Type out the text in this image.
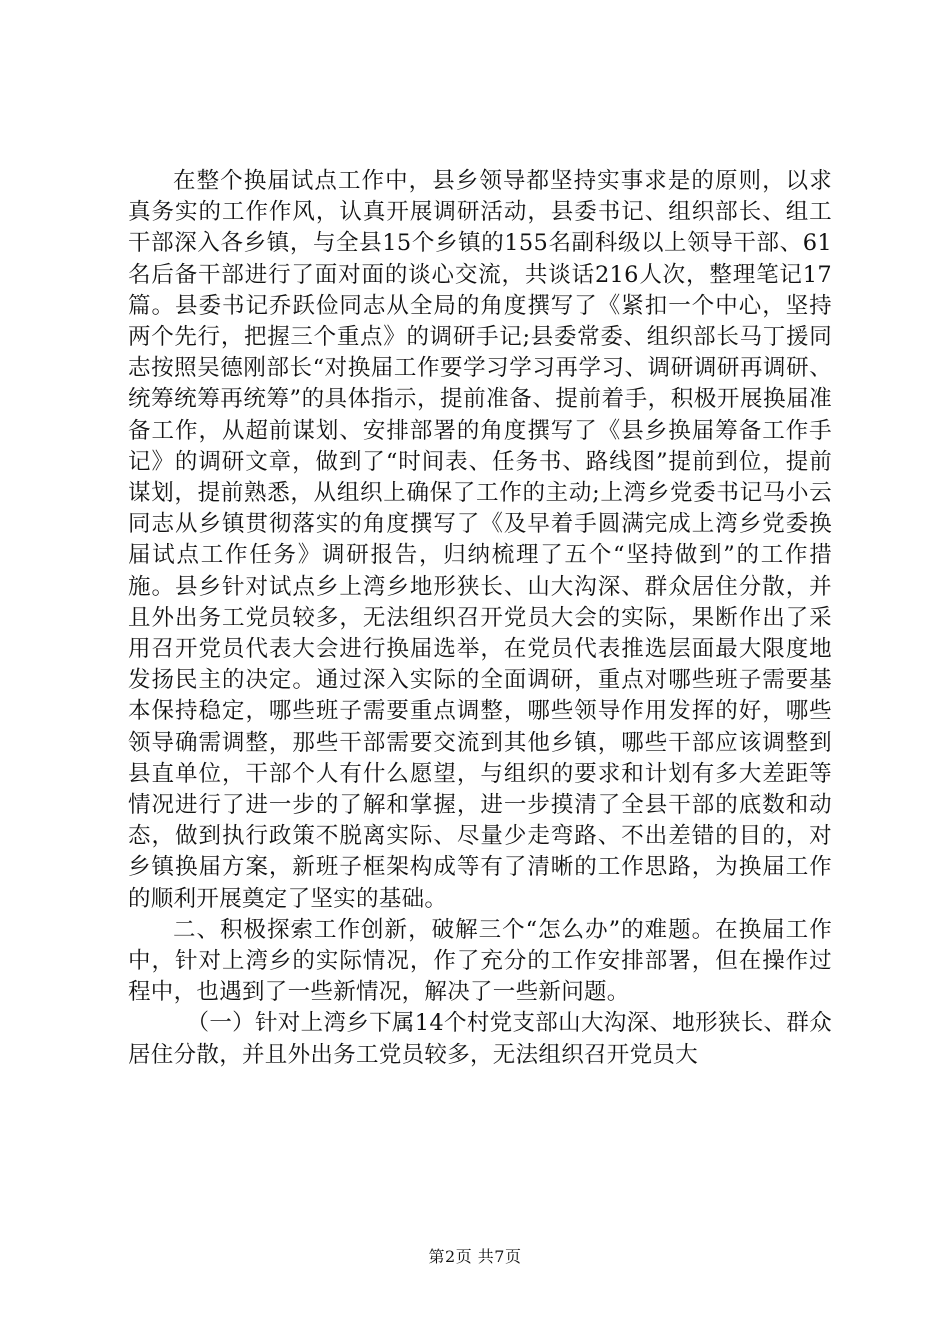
在整个换届试点工作中，县乡领导都坚持实事求是的原则，以求真务实的工作作风，认真开展调研活动，县委书记、组织部长、组工干部深入各乡镇，与全县15个乡镇的155名副科级以上领导干部、61名后备干部进行了面对面的谈心交流，共谈话216人次，整理笔记17篇。县委书记乔跃俭同志从全局的角度撰写了《紧扣一个中心，坚持两个先行，把握三个重点》的调研手记;县委常委、组织部长马丁援同志按照吴德刚部长“对换届工作要学习学习再学习、调研调研再调研、统筹统筹再统筹”的具体指示，提前准备、提前着手，积极开展换届准备工作，从超前谋划、安排部署的角度撰写了《县乡换届筹备工作手记》的调研文章，做到了“时间表、任务书、路线图”提前到位，提前谋划，提前熟悉，从组织上确保了工作的主动;上湾乡党委书记马小云同志从乡镇贯彻落实的角度撰写了《及早着手圆满完成上湾乡党委换届试点工作任务》调研报告，归纳梳理了五个“坚持做到”的工作措施。县乡针对试点乡上湾乡地形狭长、山大沟深、群众居住分散，并且外出务工党员较多，无法组织召开党员大会的实际，果断作出了采用召开党员代表大会进行换届选举，在党员代表推选层面最大限度地发扬民主的决定。通过深入实际的全面调研，重点对哪些班子需要基本保持稳定，哪些班子需要重点调整，哪些领导作用发挥的好，哪些领导确需调整，那些干部需要交流到其他乡镇，哪些干部应该调整到县直单位，干部个人有什么愿望，与组织的要求和计划有多大差距等情况进行了进一步的了解和掌握，进一步摸清了全县干部的底数和动态，做到执行政策不脱离实际、尽量少走弯路、不出差错的目的，对乡镇换届方案，新班子框架构成等有了清晰的工作思路，为换届工作的顺利开展奠定了坚实的基础。

二、积极探索工作创新，破解三个“怎么办”的难题。在换届工作中，针对上湾乡的实际情况，作了充分的工作安排部署，但在操作过程中，也遇到了一些新情况，解决了一些新问题。

（一）针对上湾乡下属14个村党支部山大沟深、地形狭长、群众居住分散，并且外出务工党员较多，无法组织召开党员大

第2页 共7页
